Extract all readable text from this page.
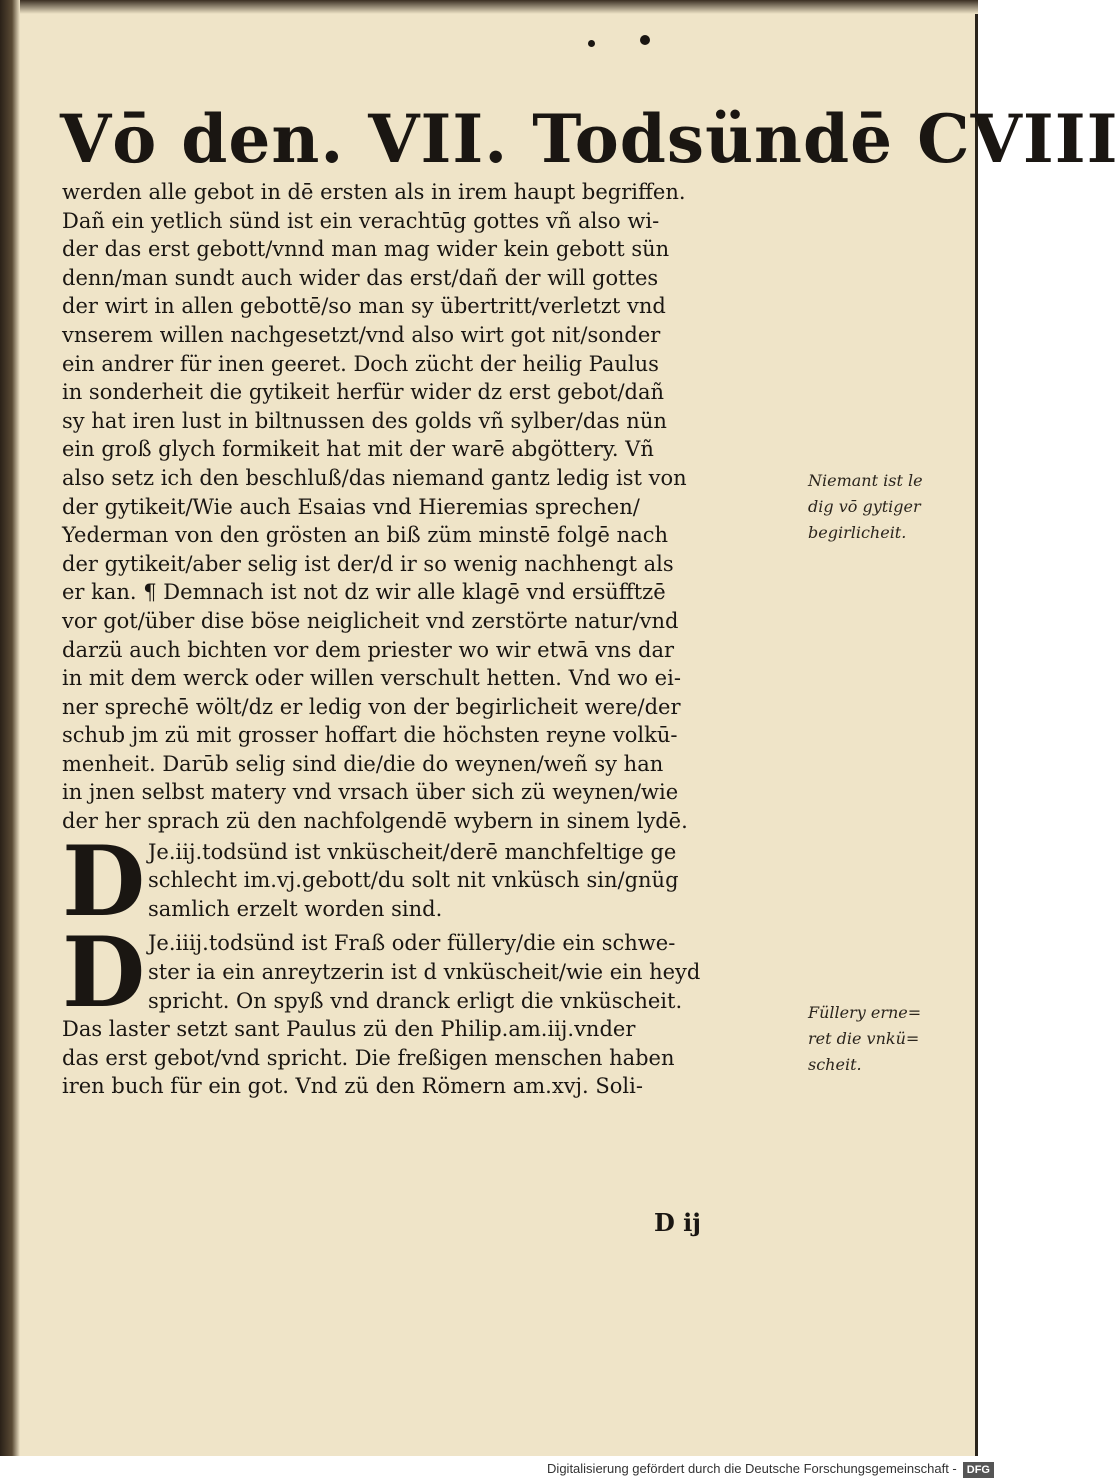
Vō den. VII. Todsündē CVIII
werden alle gebot in dē ersten als in irem haupt begriffen.
Dañ ein yetlich sünd ist ein verachtūg gottes vñ also wi-
der das erst gebott/vnnd man mag wider kein gebott sün
denn/man sundt auch wider das erst/dañ der will gottes
der wirt in allen gebottē/so man sy übertritt/verletzt vnd
vnserem willen nachgesetzt/vnd also wirt got nit/sonder
ein andrer für inen geeret. Doch zücht der heilig Paulus
in sonderheit die gytikeit herfür wider dz erst gebot/dañ
sy hat iren lust in biltnussen des golds vñ sylber/das nün
ein groß glych formikeit hat mit der warē abgöttery. Vñ
also setz ich den beschluß/das niemand gantz ledig ist von
der gytikeit/Wie auch Esaias vnd Hieremias sprechen/
Yederman von den grösten an biß züm minstē folgē nach
der gytikeit/aber selig ist der/d ir so wenig nachhengt als
er kan. ¶ Demnach ist not dz wir alle klagē vnd ersüfftzē
vor got/über dise böse neiglicheit vnd zerstörte natur/vnd
darzü auch bichten vor dem priester wo wir etwā vns dar
in mit dem werck oder willen verschult hetten. Vnd wo ei-
ner sprechē wölt/dz er ledig von der begirlicheit were/der
schub jm zü mit grosser hoffart die höchsten reyne volkū-
menheit. Darūb selig sind die/die do weynen/weñ sy han
in jnen selbst matery vnd vrsach über sich zü weynen/wie
der her sprach zü den nachfolgendē wybern in sinem lydē.
D Je.iij.todsünd ist vnküscheit/derē manchfeltige ge
schlecht im.vj.gebott/du solt nit vnküsch sin/gnüg
samlich erzelt worden sind.
D Je.iiij.todsünd ist Fraß oder füllery/die ein schwe-
ster ia ein anreytzerin ist d vnküscheit/wie ein heyd
spricht. On spyß vnd dranck erligt die vnküscheit.
Das laster setzt sant Paulus zü den Philip.am.iij.vnder
das erst gebot/vnd spricht. Die freßigen menschen haben
iren buch für ein got. Vnd zü den Römern am.xvj. Soli-
Niemant ist le
dig vō gytiger
begirlicheit.
Füllery erne=
ret die vnkü=
scheit.
D ij
Digitalisierung gefördert durch die Deutsche Forschungsgemeinschaft - DFG
